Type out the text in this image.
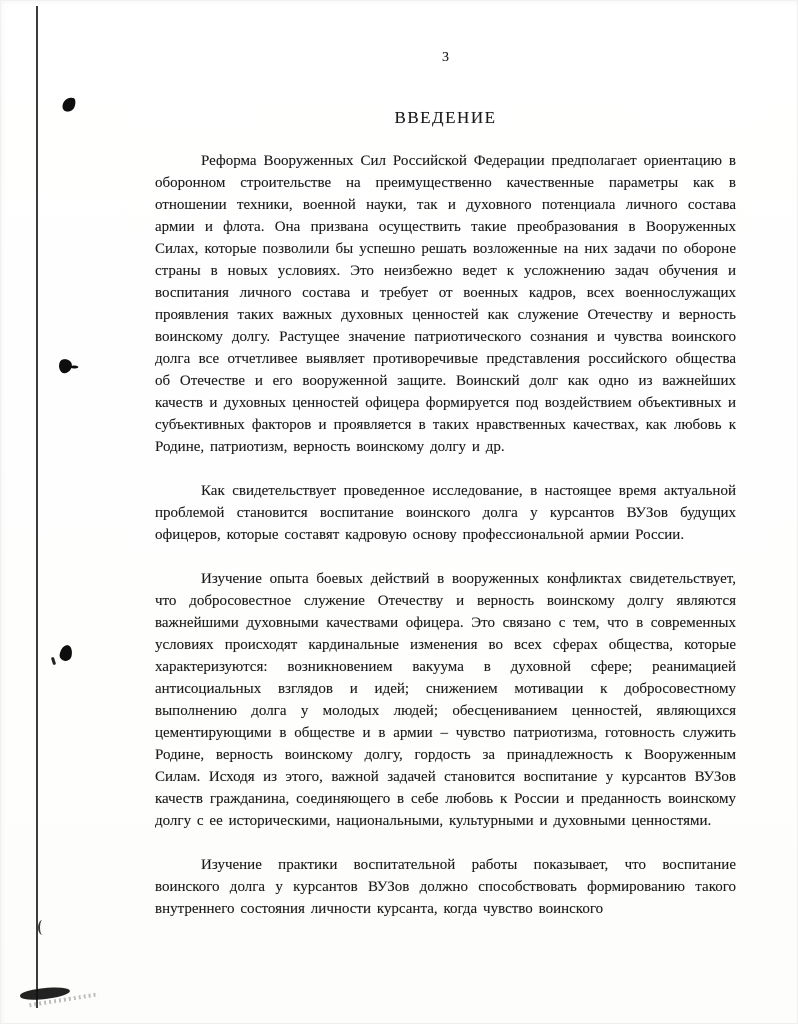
3
ВВЕДЕНИЕ

Реформа Вооруженных Сил Российской Федерации предполагает ориентацию в оборонном строительстве на преимущественно качественные параметры как в отношении техники, военной науки, так и духовного потенциала личного состава армии и флота. Она призвана осуществить такие преобразования в Вооруженных Силах, которые позволили бы успешно решать возложенные на них задачи по обороне страны в новых условиях. Это неизбежно ведет к усложнению задач обучения и воспитания личного состава и требует от военных кадров, всех военнослужащих проявления таких важных духовных ценностей как служение Отечеству и верность воинскому долгу. Растущее значение патриотического сознания и чувства воинского долга все отчетливее выявляет противоречивые представления российского общества об Отечестве и его вооруженной защите. Воинский долг как одно из важнейших качеств и духовных ценностей офицера формируется под воздействием объективных и субъективных факторов и проявляется в таких нравственных качествах, как любовь к Родине, патриотизм, верность воинскому долгу и др.

Как свидетельствует проведенное исследование, в настоящее время актуальной проблемой становится воспитание воинского долга у курсантов ВУЗов будущих офицеров, которые составят кадровую основу профессиональной армии России.

Изучение опыта боевых действий в вооруженных конфликтах свидетельствует, что добросовестное служение Отечеству и верность воинскому долгу являются важнейшими духовными качествами офицера. Это связано с тем, что в современных условиях происходят кардинальные изменения во всех сферах общества, которые характеризуются: возникновением вакуума в духовной сфере; реанимацией антисоциальных взглядов и идей; снижением мотивации к добросовестному выполнению долга у молодых людей; обесцениванием ценностей, являющихся цементирующими в обществе и в армии – чувство патриотизма, готовность служить Родине, верность воинскому долгу, гордость за принадлежность к Вооруженным Силам. Исходя из этого, важной задачей становится воспитание у курсантов ВУЗов качеств гражданина, соединяющего в себе любовь к России и преданность воинскому долгу с ее историческими, национальными, культурными и духовными ценностями.

Изучение практики воспитательной работы показывает, что воспитание воинского долга у курсантов ВУЗов должно способствовать формированию такого внутреннего состояния личности курсанта, когда чувство воинского
